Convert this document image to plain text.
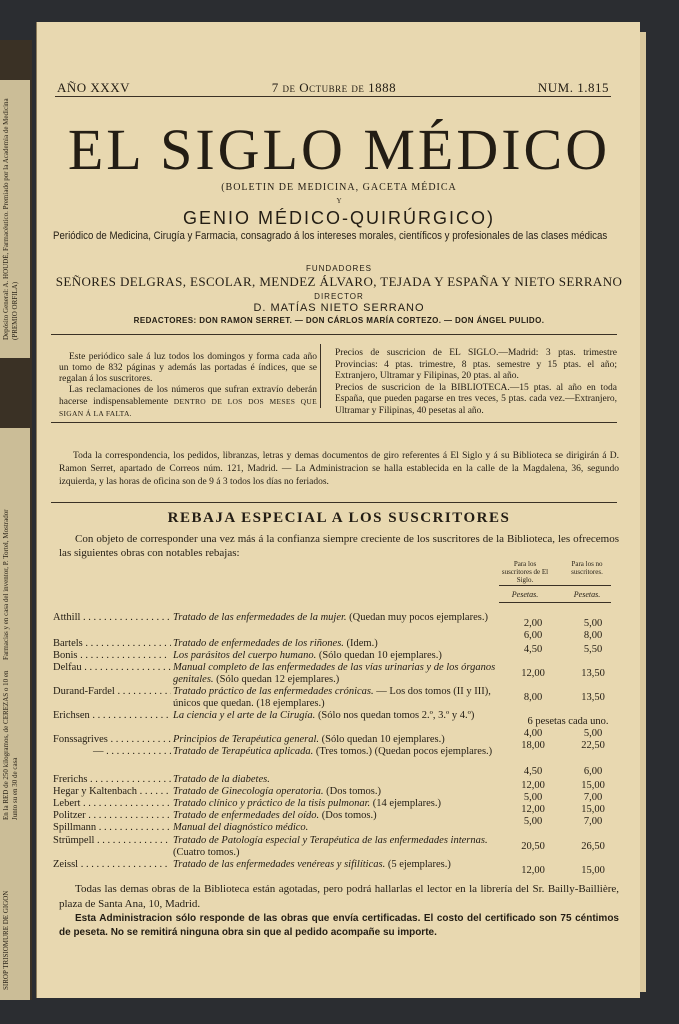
Depósito General: A. HOUDÉ, Farmacéutico. Premiado por la Academia de Medicina (PREMIO ORFILA)
Farmacias y en casa del inventor, P. Tortel, Mostrador
En la RED de 250 kilogramos, de CEREZAS o 10 en Junto su en 30 de casa
SIROP TRISIOMURE DE GIGON
AÑO XXXV	7 de Octubre de 1888	NUM. 1.815
EL SIGLO MÉDICO
(BOLETIN DE MEDICINA, GACETA MÉDICA
Y
GENIO MÉDICO-QUIRÚRGICO)
Periódico de Medicina, Cirugía y Farmacia, consagrado á los intereses morales, científicos y profesionales de las clases médicas
FUNDADORES
SEÑORES DELGRAS, ESCOLAR, MENDEZ ÁLVARO, TEJADA Y ESPAÑA Y NIETO SERRANO
DIRECTOR
D. MATÍAS NIETO SERRANO
REDACTORES: DON RAMON SERRET. — DON CÁRLOS MARÍA CORTEZO. — DON ÁNGEL PULIDO.

Este periódico sale á luz todos los domingos y forma cada año un tomo de 832 páginas y además las portadas é índices, que se regalan á los suscritores.

Las reclamaciones de los números que sufran extravío deberán hacerse indispensablemente DENTRO DE LOS DOS MESES QUE SIGAN Á LA FALTA.

Precios de suscricion de EL SIGLO.—Madrid: 3 ptas. trimestre Provincias: 4 ptas. trimestre, 8 ptas. semestre y 15 ptas. el año; Extranjero, Ultramar y Filipinas, 20 ptas. al año.

Precios de suscricion de la BIBLIOTECA.—15 ptas. al año en toda España, que pueden pagarse en tres veces, 5 ptas. cada vez.—Extranjero, Ultramar y Filipinas, 40 pesetas al año.

Toda la correspondencia, los pedidos, libranzas, letras y demas documentos de giro referentes á El Siglo y á su Biblioteca se dirigirán á D. Ramon Serret, apartado de Correos núm. 121, Madrid. — La Administracion se halla establecida en la calle de la Magdalena, 36, segundo izquierda, y las horas de oficina son de 9 á 3 todos los días no feriados.
REBAJA ESPECIAL A LOS SUSCRITORES
Con objeto de corresponder una vez más á la confianza siempre creciente de los suscritores de la Biblioteca, les ofrecemos las siguientes obras con notables rebajas:
Para los suscritores de El Siglo.
Para los no suscritores.
Pesetas.	Pesetas.
Atthill . . .	Tratado de las enfermedades de la mujer. (Quedan muy pocos ejemplares.)
2,00	5,00
Bartels . . .	Tratado de enfermedades de los riñones. (Idem.)
6,00	8,00
Bonis . . .	Los parásitos del cuerpo humano. (Sólo quedan 10 ejemplares.)
4,50	5,50
Delfau . . .	Manual completo de las enfermedades de las vías urinarias y de los órganos genitales. (Sólo quedan 12 ejemplares.)
12,00	13,50
Durand-Fardel . . .	Tratado práctico de las enfermedades crónicas. — Los dos tomos (II y III), únicos que quedan. (18 ejemplares.)
8,00	13,50
Erichsen . . .	La ciencia y el arte de la Cirugía. (Sólo nos quedan tomos 2.º, 3.º y 4.º)
6 pesetas cada uno.
Fonssagrives . . .	Principios de Terapéutica general. (Sólo quedan 10 ejemplares.)
4,00	5,00
— . . .	Tratado de Terapéutica aplicada. (Tres tomos.) (Quedan pocos ejemplares.)
18,00	22,50
Frerichs . . .	Tratado de la diabetes.
4,50	6,00
Hegar y Kaltenbach . . .	Tratado de Ginecología operatoria. (Dos tomos.)
12,00	15,00
Lebert . . .	Tratado clínico y práctico de la tisis pulmonar. (14 ejemplares.)
5,00	7,00
Politzer . . .	Tratado de enfermedades del oído. (Dos tomos.)
12,00	15,00
Spillmann . . .	Manual del diagnóstico médico.
5,00	7,00
Strümpell . . .	Tratado de Patología especial y Terapéutica de las enfermedades internas. (Cuatro tomos.)
20,50	26,50
Zeissl . . .	Tratado de las enfermedades venéreas y sifilíticas. (5 ejemplares.)
12,00	15,00
Todas las demas obras de la Biblioteca están agotadas, pero podrá hallarlas el lector en la librería del Sr. Bailly-Baillière, plaza de Santa Ana, 10, Madrid.
Esta Administracion sólo responde de las obras que envía certificadas. El costo del certificado son 75 céntimos de peseta. No se remitirá ninguna obra sin que al pedido acompañe su importe.
